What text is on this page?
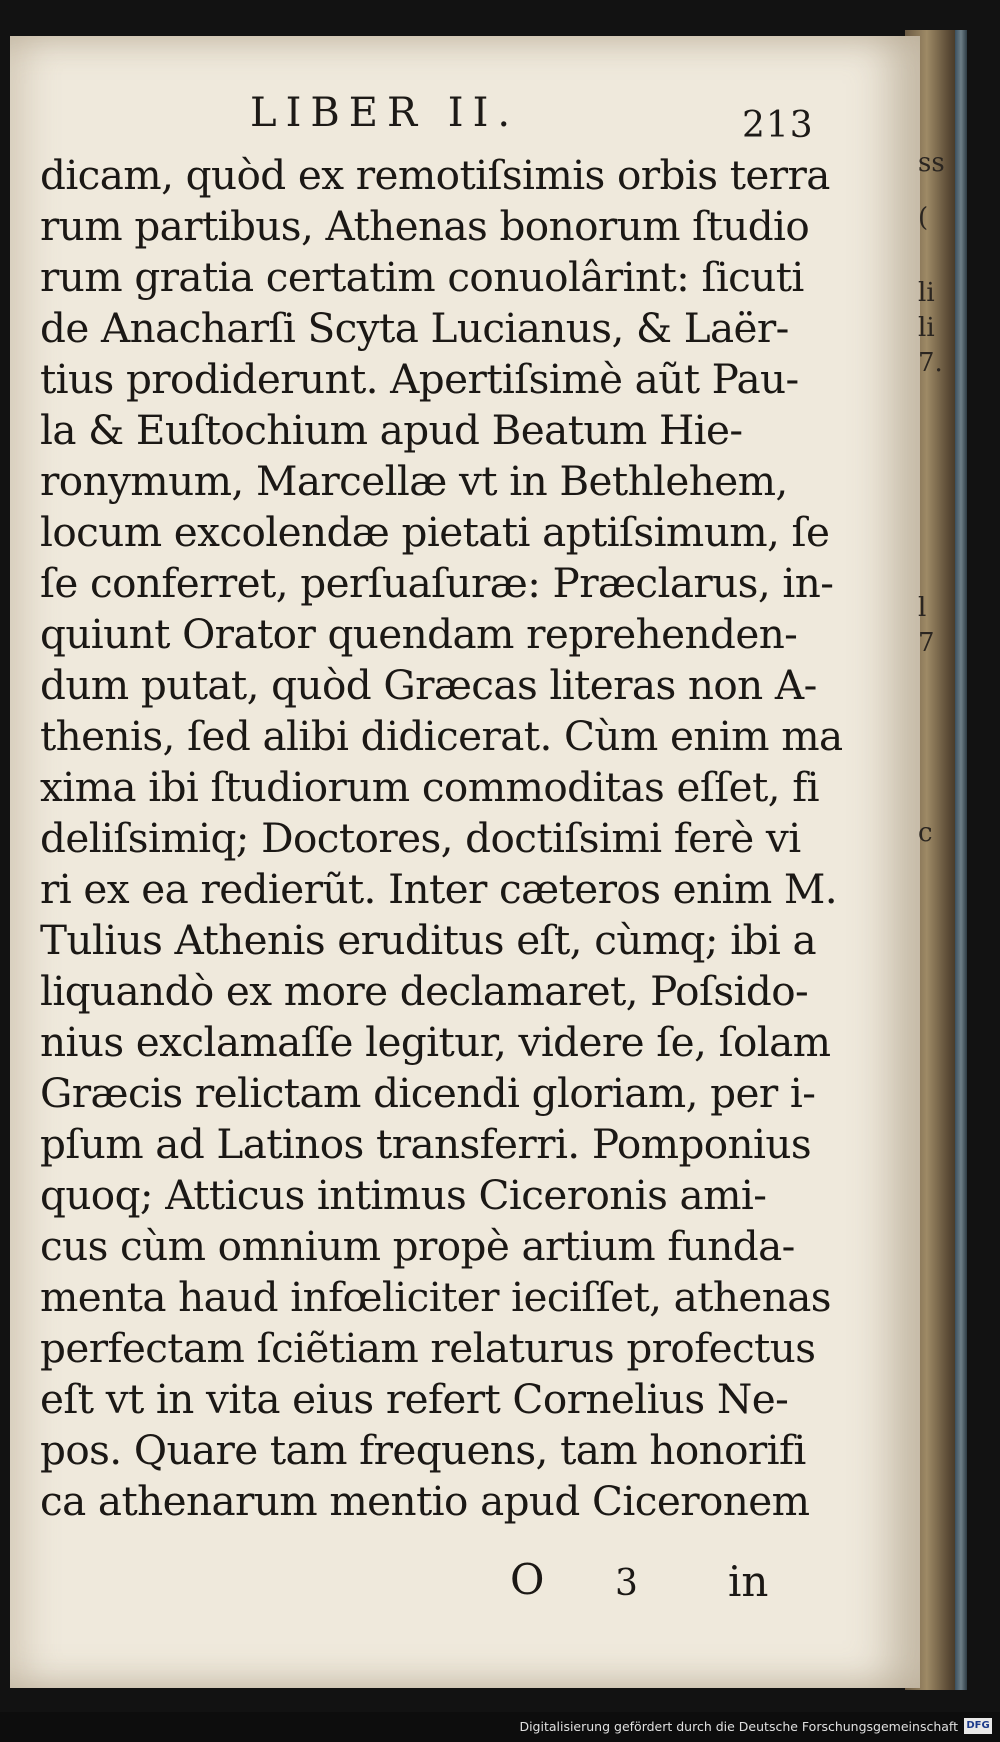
ss
(
li
li
7.
l
7
c
LIBER II.	213
dicam, quòd ex remotiſsimis orbis terra
rum partibus, Athenas bonorum ſtudio
rum gratia certatim conuolârint: ſicuti
de Anacharſi Scyta Lucianus, & Laër-
tius prodiderunt. Apertiſsimè aũt Pau-
la & Euſtochium apud Beatum Hie-
ronymum, Marcellæ vt in Bethlehem,
locum excolendæ pietati aptiſsimum, ſe
ſe conferret, perſuaſuræ: Præclarus, in-
quiunt Orator quendam reprehenden-
dum putat, quòd Græcas literas non A-
thenis, ſed alibi didicerat. Cùm enim ma
xima ibi ſtudiorum commoditas eſſet, fi
deliſsimiq; Doctores, doctiſsimi ferè vi
ri ex ea redierũt. Inter cæteros enim M.
Tulius Athenis eruditus eſt, cùmq; ibi a
liquandò ex more declamaret, Poſsido-
nius exclamaſſe legitur, videre ſe, ſolam
Græcis relictam dicendi gloriam, per i-
pſum ad Latinos transferri. Pomponius
quoq; Atticus intimus Ciceronis ami-
cus cùm omnium propè artium funda-
menta haud infœliciter ieciſſet, athenas
perfectam ſciẽtiam relaturus profectus
eſt vt in vita eius refert Cornelius Ne-
pos. Quare tam frequens, tam honorifi
ca athenarum mentio apud Ciceronem
O 3 in
Digitalisierung gefördert durch die Deutsche Forschungsgemeinschaft DFG
